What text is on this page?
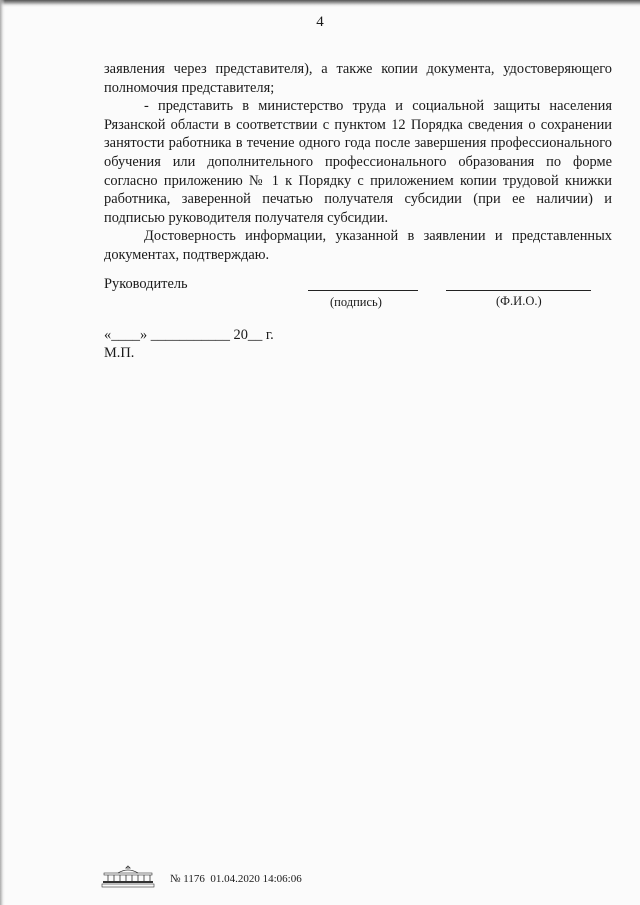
4

заявления через представителя), а также копии документа, удостоверяющего полномочия представителя;

- представить в министерство труда и социальной защиты населения Рязанской области в соответствии с пунктом 12 Порядка сведения о сохранении занятости работника в течение одного года после завершения профессионального обучения или дополнительного профессионального образования по форме согласно приложению № 1 к Порядку с приложением копии трудовой книжки работника, заверенной печатью получателя субсидии (при ее наличии) и подписью руководителя получателя субсидии.

Достоверность информации, указанной в заявлении и представленных документах, подтверждаю.

Руководитель
(подпись)	(Ф.И.О.)
«____» ___________ 20__ г.
М.П.
№ 1176  01.04.2020 14:06:06
